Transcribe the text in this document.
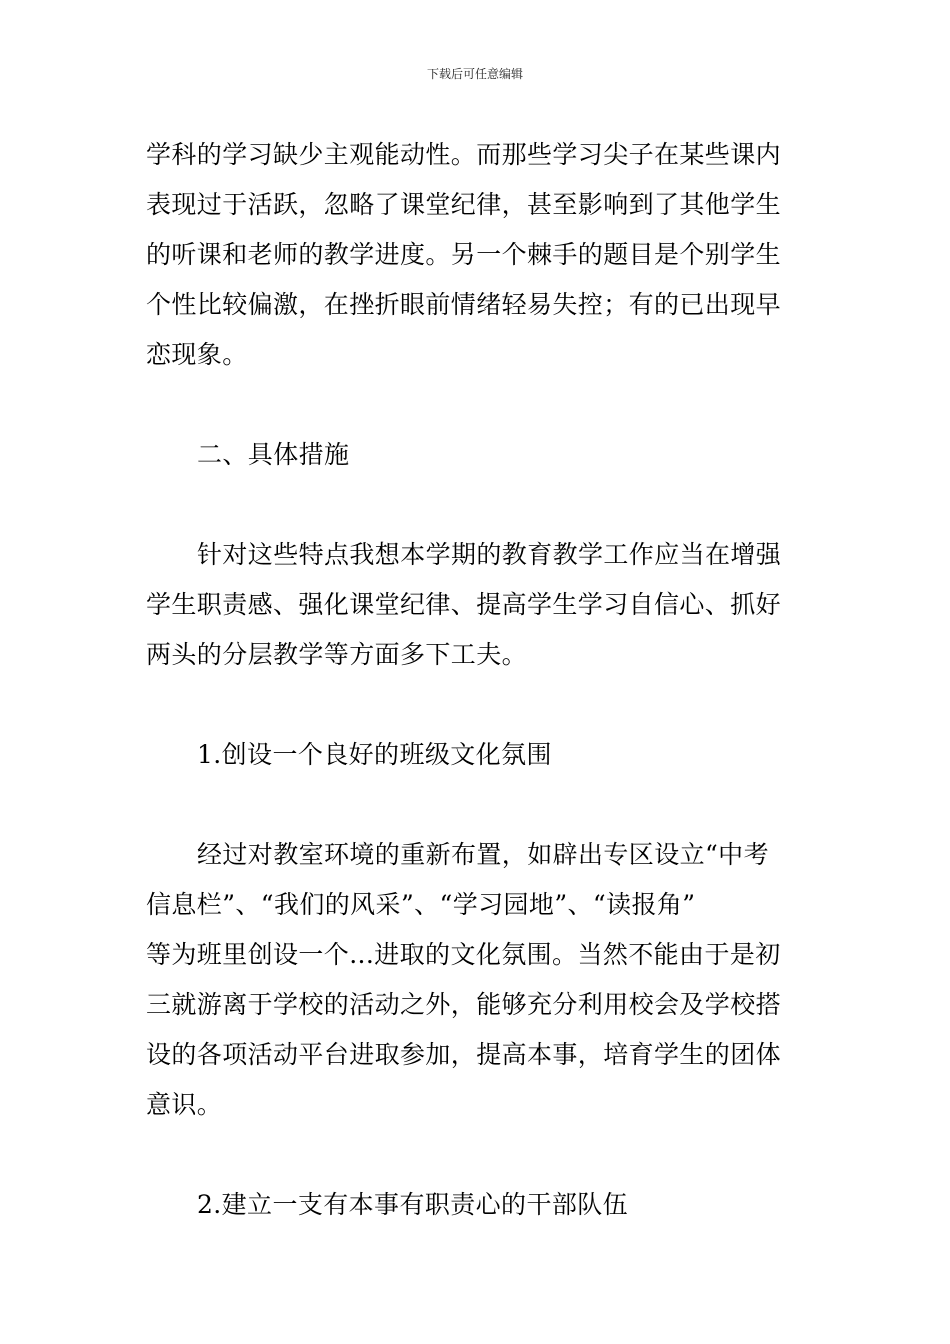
下载后可任意编辑
学科的学习缺少主观能动性。而那些学习尖子在某些课内
表现过于活跃，忽略了课堂纪律，甚至影响到了其他学生
的听课和老师的教学进度。另一个棘手的题目是个别学生
个性比较偏激，在挫折眼前情绪轻易失控；有的已出现早
恋现象。
二、具体措施
针对这些特点我想本学期的教育教学工作应当在增强
学生职责感、强化课堂纪律、提高学生学习自信心、抓好
两头的分层教学等方面多下工夫。
1.创设一个良好的班级文化氛围
经过对教室环境的重新布置，如辟出专区设立“中考
信息栏”、“我们的风采”、“学习园地”、“读报角”
等为班里创设一个...进取的文化氛围。当然不能由于是初
三就游离于学校的活动之外，能够充分利用校会及学校搭
设的各项活动平台进取参加，提高本事，培育学生的团体
意识。
2.建立一支有本事有职责心的干部队伍
